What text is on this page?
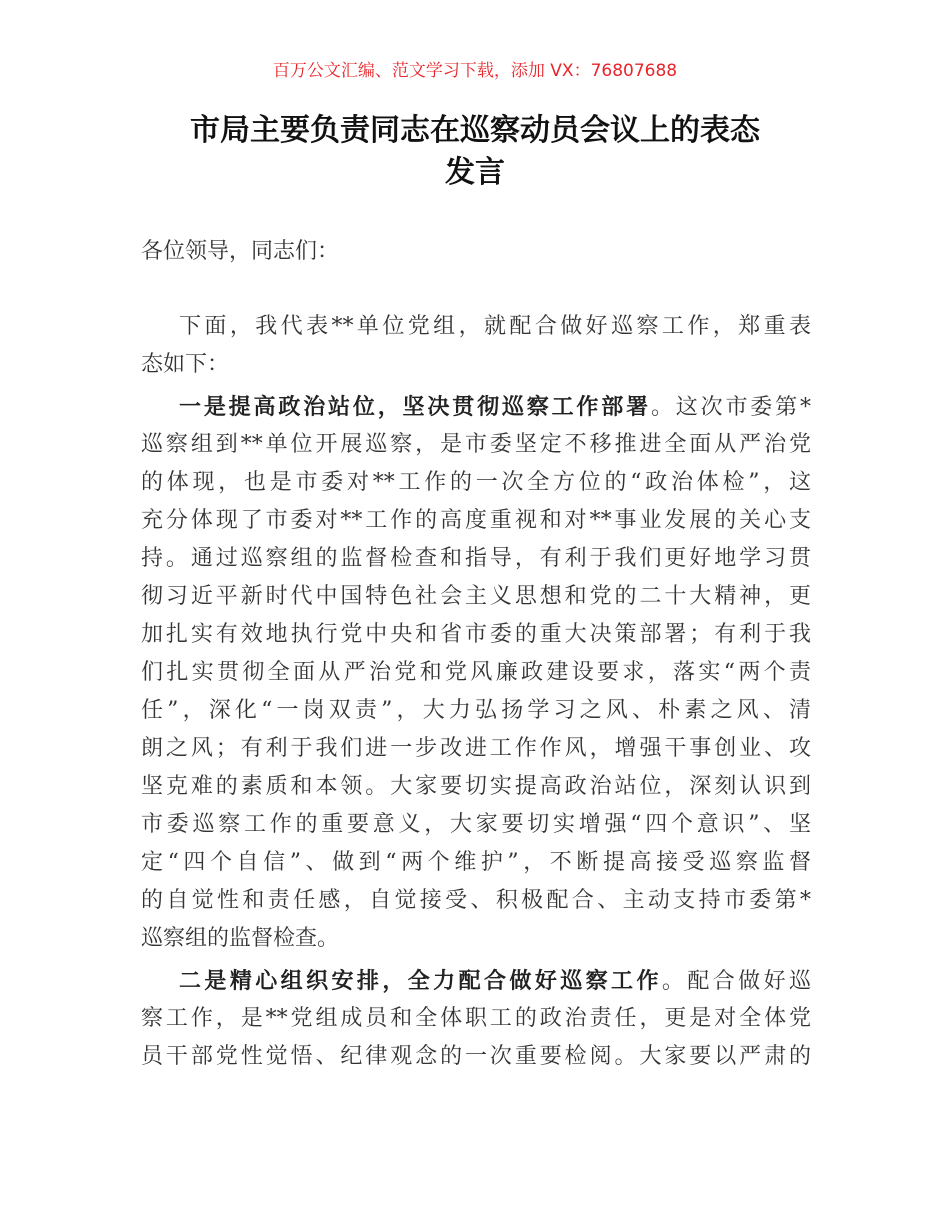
百万公文汇编、范文学习下载，添加 VX：76807688
市局主要负责同志在巡察动员会议上的表态
发言
各位领导，同志们：
下面，我代表**单位党组，就配合做好巡察工作，郑重表
态如下：
一是提高政治站位，坚决贯彻巡察工作部署。这次市委第*
巡察组到**单位开展巡察，是市委坚定不移推进全面从严治党
的体现，也是市委对**工作的一次全方位的“政治体检”，这
充分体现了市委对**工作的高度重视和对**事业发展的关心支
持。通过巡察组的监督检查和指导，有利于我们更好地学习贯
彻习近平新时代中国特色社会主义思想和党的二十大精神，更
加扎实有效地执行党中央和省市委的重大决策部署；有利于我
们扎实贯彻全面从严治党和党风廉政建设要求，落实“两个责
任”，深化“一岗双责”，大力弘扬学习之风、朴素之风、清
朗之风；有利于我们进一步改进工作作风，增强干事创业、攻
坚克难的素质和本领。大家要切实提高政治站位，深刻认识到
市委巡察工作的重要意义，大家要切实增强“四个意识”、坚
定“四个自信”、做到“两个维护”，不断提高接受巡察监督
的自觉性和责任感，自觉接受、积极配合、主动支持市委第*
巡察组的监督检查。
二是精心组织安排，全力配合做好巡察工作。配合做好巡
察工作，是**党组成员和全体职工的政治责任，更是对全体党
员干部党性觉悟、纪律观念的一次重要检阅。大家要以严肃的
